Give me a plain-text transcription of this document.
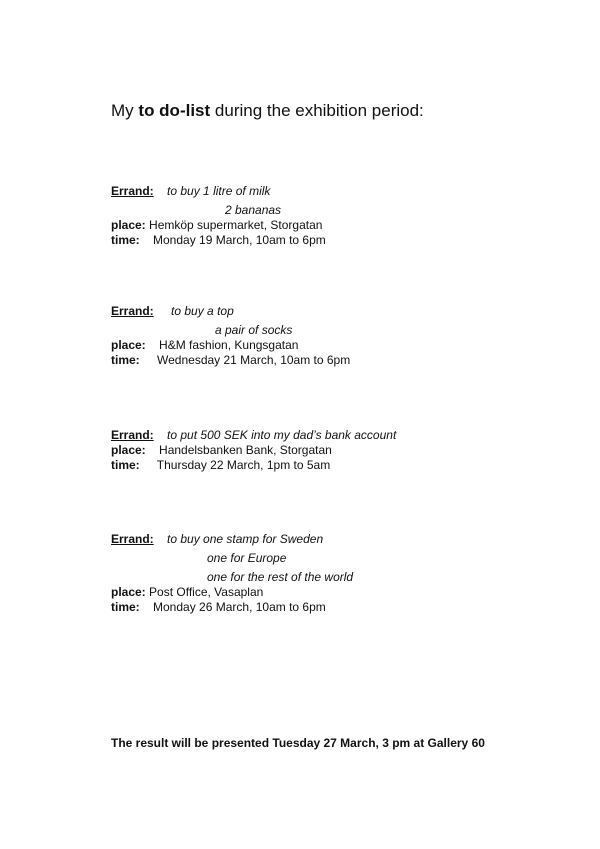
My to do-list during the exhibition period:
Errand: to buy 1 litre of milk
2 bananas
place: Hemköp supermarket, Storgatan
time: Monday 19 March, 10am to 6pm
Errand: to buy a top
a pair of socks
place: H&M fashion, Kungsgatan
time: Wednesday 21 March, 10am to 6pm
Errand: to put 500 SEK into my dad’s bank account
place: Handelsbanken Bank, Storgatan
time: Thursday 22 March, 1pm to 5am
Errand: to buy one stamp for Sweden
one for Europe
one for the rest of the world
place: Post Office, Vasaplan
time: Monday 26 March, 10am to 6pm
The result will be presented Tuesday 27 March, 3 pm at Gallery 60
